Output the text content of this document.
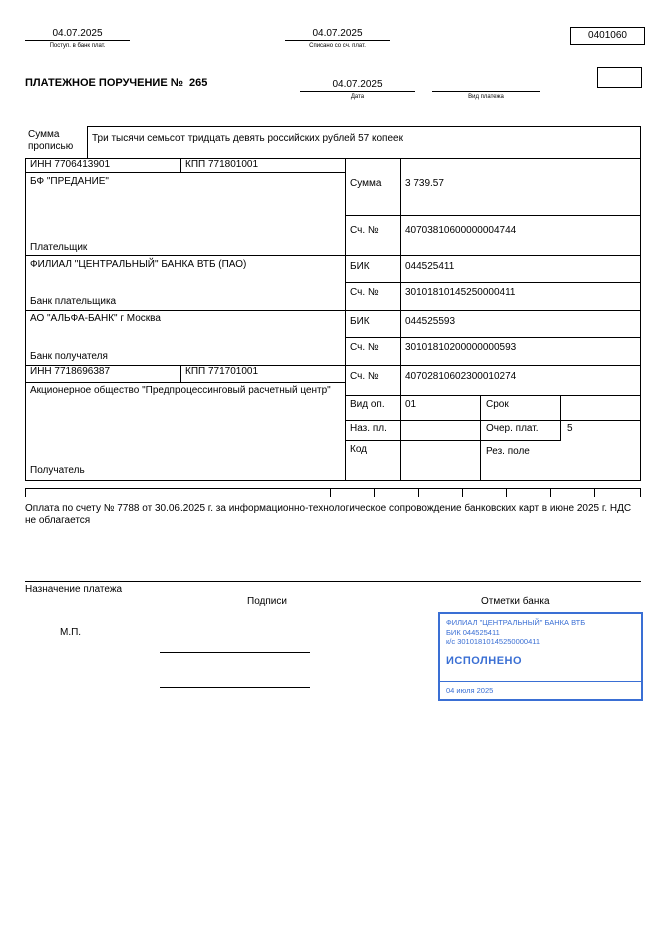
04.07.2025
Поступ. в банк плат.
04.07.2025
Списано со сч. плат.
0401060
ПЛАТЕЖНОЕ ПОРУЧЕНИЕ № 265	04.07.2025
Дата	Вид платежа
Сумма прописью
Три тысячи семьсот тридцать девять российских рублей 57 копеек
ИНН 7706413901	КПП 771801001
БФ "ПРЕДАНИЕ"	Сумма 3 739.57
Сч. №	40703810600000004744
Плательщик
ФИЛИАЛ "ЦЕНТРАЛЬНЫЙ" БАНКА ВТБ (ПАО)	БИК	044525411
Сч. №	30101810145250000411
Банк плательщика
АО "АЛЬФА-БАНК" г Москва	БИК	044525593
Сч. №	30101810200000000593
Банк получателя
ИНН 7718696387	КПП 771701001	Сч. №	40702810602300010274
Акционерное общество "Предпроцессинговый расчетный центр"
Вид оп. 01	Срок
Наз. пл.	Очер. плат.	5
Код	Рез. поле
Получатель
Оплата по счету № 7788 от 30.06.2025 г. за информационно-технологическое сопровождение банковских карт в июне 2025 г. НДС не облагается
Назначение платежа
Подписи	Отметки банка
М.П.
ФИЛИАЛ "ЦЕНТРАЛЬНЫЙ" БАНКА ВТБ
БИК 044525411
к/с 30101810145250000411
ИСПОЛНЕНО
04 июля 2025
